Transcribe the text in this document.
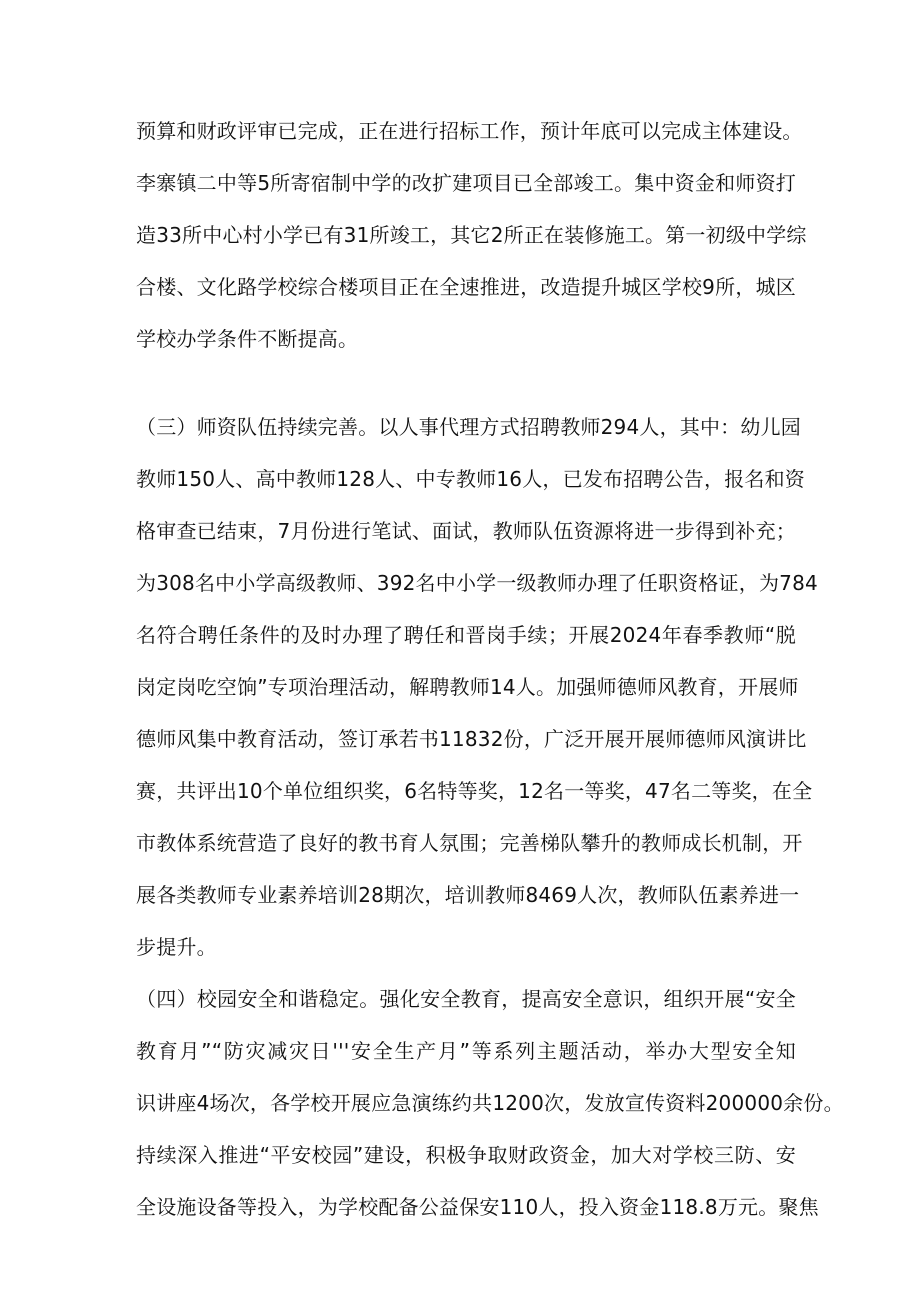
预算和财政评审已完成，正在进行招标工作，预计年底可以完成主体建设。
李寨镇二中等5所寄宿制中学的改扩建项目已全部竣工。集中资金和师资打
造33所中心村小学已有31所竣工，其它2所正在装修施工。第一初级中学综
合楼、文化路学校综合楼项目正在全速推进，改造提升城区学校9所，城区
学校办学条件不断提高。
（三）师资队伍持续完善。以人事代理方式招聘教师294人，其中：幼儿园
教师150人、高中教师128人、中专教师16人，已发布招聘公告，报名和资
格审查已结束，7月份进行笔试、面试，教师队伍资源将进一步得到补充；
为308名中小学高级教师、392名中小学一级教师办理了任职资格证，为784
名符合聘任条件的及时办理了聘任和晋岗手续；开展2024年春季教师“脱
岗定岗吃空饷”专项治理活动，解聘教师14人。加强师德师风教育，开展师
德师风集中教育活动，签订承若书11832份，广泛开展开展师德师风演讲比
赛，共评出10个单位组织奖，6名特等奖，12名一等奖，47名二等奖，在全
市教体系统营造了良好的教书育人氛围；完善梯队攀升的教师成长机制，开
展各类教师专业素养培训28期次，培训教师8469人次，教师队伍素养进一
步提升。
（四）校园安全和谐稳定。强化安全教育，提高安全意识，组织开展“安全
教育月”“防灾减灾日'''安全生产月”等系列主题活动，举办大型安全知
识讲座4场次，各学校开展应急演练约共1200次，发放宣传资料200000余份。
持续深入推进“平安校园”建设，积极争取财政资金，加大对学校三防、安
全设施设备等投入，为学校配备公益保安110人，投入资金118.8万元。聚焦
